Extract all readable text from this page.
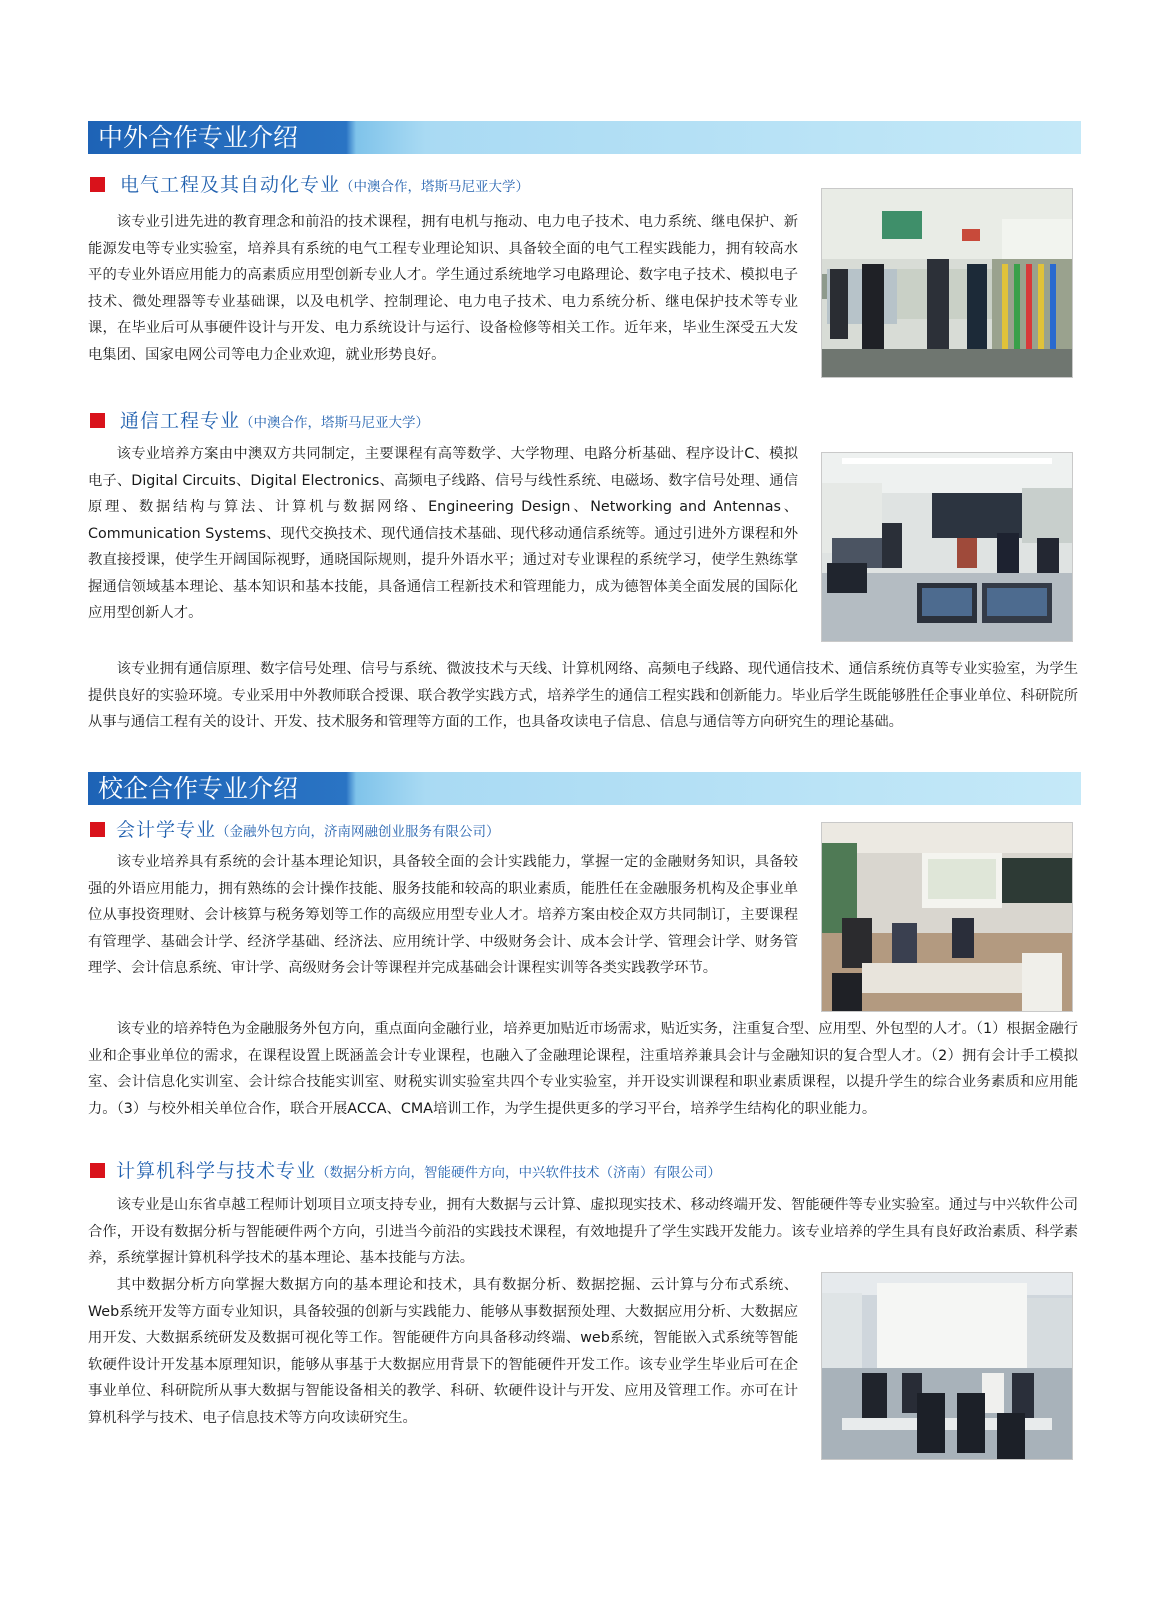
中外合作专业介绍
电气工程及其自动化专业（中澳合作，塔斯马尼亚大学）

该专业引进先进的教育理念和前沿的技术课程，拥有电机与拖动、电力电子技术、电力系统、继电保护、新能源发电等专业实验室，培养具有系统的电气工程专业理论知识、具备较全面的电气工程实践能力，拥有较高水平的专业外语应用能力的高素质应用型创新专业人才。学生通过系统地学习电路理论、数字电子技术、模拟电子技术、微处理器等专业基础课，以及电机学、控制理论、电力电子技术、电力系统分析、继电保护技术等专业课，在毕业后可从事硬件设计与开发、电力系统设计与运行、设备检修等相关工作。近年来，毕业生深受五大发电集团、国家电网公司等电力企业欢迎，就业形势良好。

通信工程专业（中澳合作，塔斯马尼亚大学）

该专业培养方案由中澳双方共同制定，主要课程有高等数学、大学物理、电路分析基础、程序设计C、模拟电子、Digital Circuits、Digital Electronics、高频电子线路、信号与线性系统、电磁场、数字信号处理、通信原理、数据结构与算法、计算机与数据网络、Engineering Design、Networking and Antennas、Communication Systems、现代交换技术、现代通信技术基础、现代移动通信系统等。通过引进外方课程和外教直接授课，使学生开阔国际视野，通晓国际规则，提升外语水平；通过对专业课程的系统学习，使学生熟练掌握通信领域基本理论、基本知识和基本技能，具备通信工程新技术和管理能力，成为德智体美全面发展的国际化应用型创新人才。

该专业拥有通信原理、数字信号处理、信号与系统、微波技术与天线、计算机网络、高频电子线路、现代通信技术、通信系统仿真等专业实验室，为学生提供良好的实验环境。专业采用中外教师联合授课、联合教学实践方式，培养学生的通信工程实践和创新能力。毕业后学生既能够胜任企事业单位、科研院所从事与通信工程有关的设计、开发、技术服务和管理等方面的工作，也具备攻读电子信息、信息与通信等方向研究生的理论基础。

校企合作专业介绍
会计学专业（金融外包方向，济南网融创业服务有限公司）

该专业培养具有系统的会计基本理论知识，具备较全面的会计实践能力，掌握一定的金融财务知识，具备较强的外语应用能力，拥有熟练的会计操作技能、服务技能和较高的职业素质，能胜任在金融服务机构及企事业单位从事投资理财、会计核算与税务筹划等工作的高级应用型专业人才。培养方案由校企双方共同制订，主要课程有管理学、基础会计学、经济学基础、经济法、应用统计学、中级财务会计、成本会计学、管理会计学、财务管理学、会计信息系统、审计学、高级财务会计等课程并完成基础会计课程实训等各类实践教学环节。

该专业的培养特色为金融服务外包方向，重点面向金融行业，培养更加贴近市场需求，贴近实务，注重复合型、应用型、外包型的人才。（1）根据金融行业和企事业单位的需求，在课程设置上既涵盖会计专业课程，也融入了金融理论课程，注重培养兼具会计与金融知识的复合型人才。（2）拥有会计手工模拟室、会计信息化实训室、会计综合技能实训室、财税实训实验室共四个专业实验室，并开设实训课程和职业素质课程，以提升学生的综合业务素质和应用能力。（3）与校外相关单位合作，联合开展ACCA、CMA培训工作，为学生提供更多的学习平台，培养学生结构化的职业能力。

计算机科学与技术专业（数据分析方向，智能硬件方向，中兴软件技术（济南）有限公司）

该专业是山东省卓越工程师计划项目立项支持专业，拥有大数据与云计算、虚拟现实技术、移动终端开发、智能硬件等专业实验室。通过与中兴软件公司合作，开设有数据分析与智能硬件两个方向，引进当今前沿的实践技术课程，有效地提升了学生实践开发能力。该专业培养的学生具有良好政治素质、科学素养，系统掌握计算机科学技术的基本理论、基本技能与方法。

其中数据分析方向掌握大数据方向的基本理论和技术，具有数据分析、数据挖掘、云计算与分布式系统、Web系统开发等方面专业知识，具备较强的创新与实践能力、能够从事数据预处理、大数据应用分析、大数据应用开发、大数据系统研发及数据可视化等工作。智能硬件方向具备移动终端、web系统，智能嵌入式系统等智能软硬件设计开发基本原理知识，能够从事基于大数据应用背景下的智能硬件开发工作。该专业学生毕业后可在企事业单位、科研院所从事大数据与智能设备相关的教学、科研、软硬件设计与开发、应用及管理工作。亦可在计算机科学与技术、电子信息技术等方向攻读研究生。
